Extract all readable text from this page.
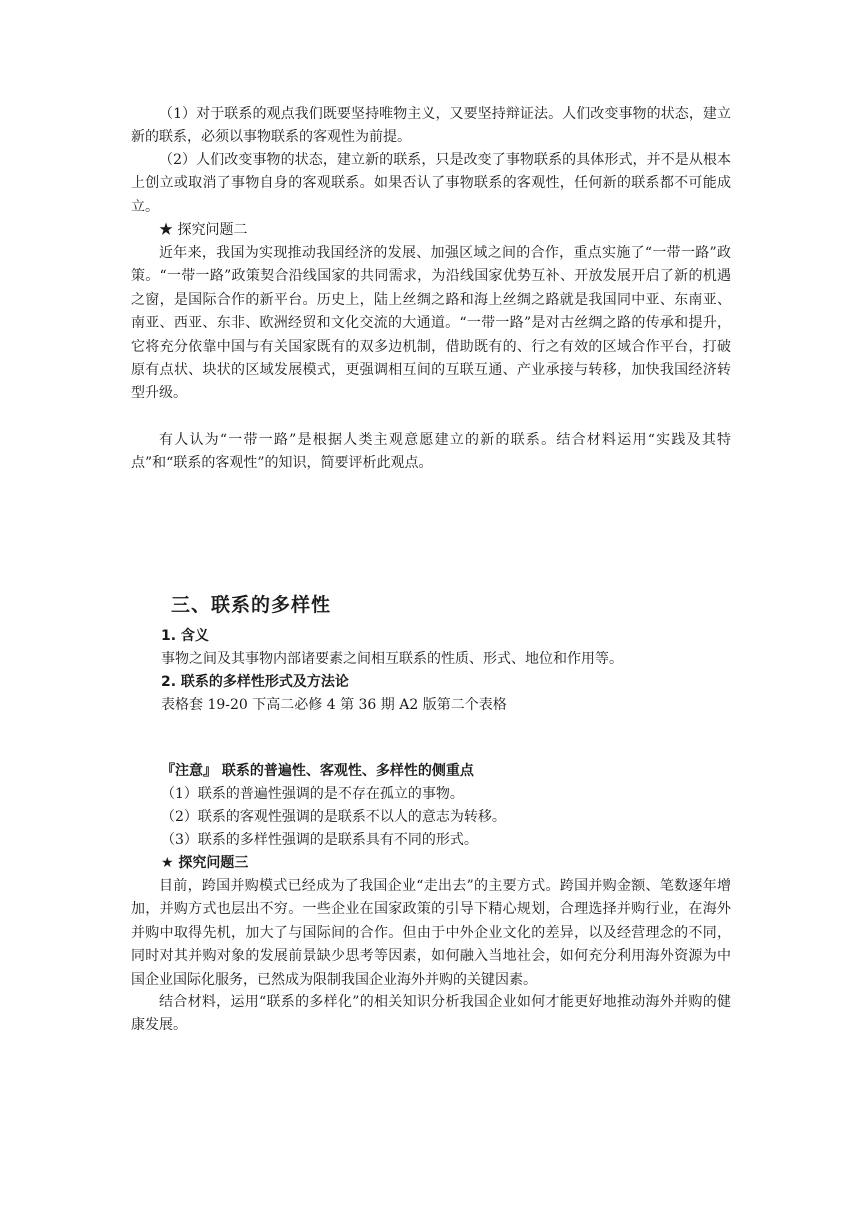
（1）对于联系的观点我们既要坚持唯物主义，又要坚持辩证法。人们改变事物的状态，建立新的联系，必须以事物联系的客观性为前提。

（2）人们改变事物的状态，建立新的联系，只是改变了事物联系的具体形式，并不是从根本上创立或取消了事物自身的客观联系。如果否认了事物联系的客观性，任何新的联系都不可能成立。

★ 探究问题二

近年来，我国为实现推动我国经济的发展、加强区域之间的合作，重点实施了“一带一路”政策。“一带一路”政策契合沿线国家的共同需求，为沿线国家优势互补、开放发展开启了新的机遇之窗，是国际合作的新平台。历史上，陆上丝绸之路和海上丝绸之路就是我国同中亚、东南亚、南亚、西亚、东非、欧洲经贸和文化交流的大通道。“一带一路”是对古丝绸之路的传承和提升，它将充分依靠中国与有关国家既有的双多边机制，借助既有的、行之有效的区域合作平台，打破原有点状、块状的区域发展模式，更强调相互间的互联互通、产业承接与转移，加快我国经济转型升级。

有人认为“一带一路”是根据人类主观意愿建立的新的联系。结合材料运用“实践及其特点”和“联系的客观性”的知识，简要评析此观点。

三、联系的多样性

1. 含义

事物之间及其事物内部诸要素之间相互联系的性质、形式、地位和作用等。

2. 联系的多样性形式及方法论

表格套 19-20 下高二必修 4 第 36 期 A2 版第二个表格

『注意』 联系的普遍性、客观性、多样性的侧重点

（1）联系的普遍性强调的是不存在孤立的事物。

（2）联系的客观性强调的是联系不以人的意志为转移。

（3）联系的多样性强调的是联系具有不同的形式。

★ 探究问题三

目前，跨国并购模式已经成为了我国企业“走出去”的主要方式。跨国并购金额、笔数逐年增加，并购方式也层出不穷。一些企业在国家政策的引导下精心规划，合理选择并购行业，在海外并购中取得先机，加大了与国际间的合作。但由于中外企业文化的差异，以及经营理念的不同，同时对其并购对象的发展前景缺少思考等因素，如何融入当地社会，如何充分利用海外资源为中国企业国际化服务，已然成为限制我国企业海外并购的关键因素。

结合材料，运用“联系的多样化”的相关知识分析我国企业如何才能更好地推动海外并购的健康发展。
